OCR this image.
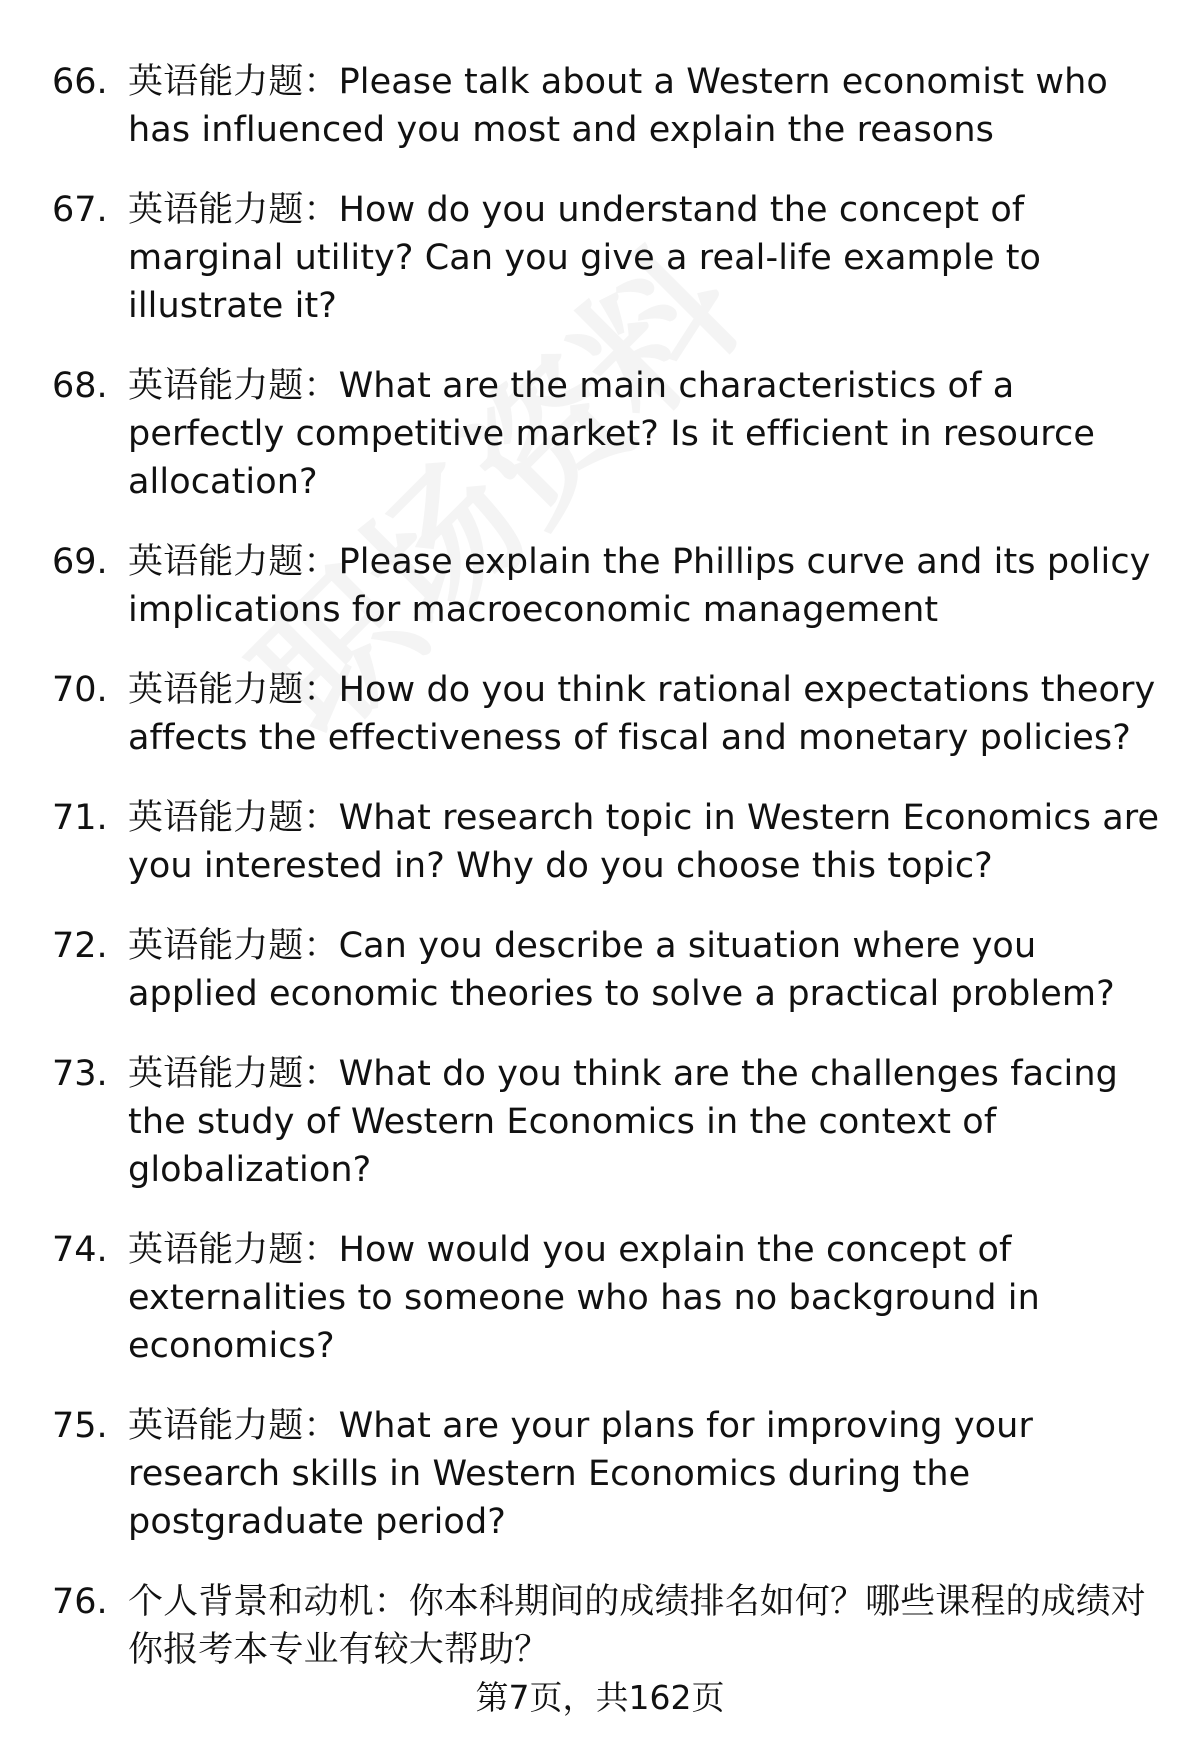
66. 英语能力题：Please talk about a Western economist who has influenced you most and explain the reasons
67. 英语能力题：How do you understand the concept of marginal utility? Can you give a real-life example to illustrate it?
68. 英语能力题：What are the main characteristics of a perfectly competitive market? Is it efficient in resource allocation?
69. 英语能力题：Please explain the Phillips curve and its policy implications for macroeconomic management
70. 英语能力题：How do you think rational expectations theory affects the effectiveness of fiscal and monetary policies?
71. 英语能力题：What research topic in Western Economics are you interested in? Why do you choose this topic?
72. 英语能力题：Can you describe a situation where you applied economic theories to solve a practical problem?
73. 英语能力题：What do you think are the challenges facing the study of Western Economics in the context of globalization?
74. 英语能力题：How would you explain the concept of externalities to someone who has no background in economics?
75. 英语能力题：What are your plans for improving your research skills in Western Economics during the postgraduate period?
76. 个人背景和动机：你本科期间的成绩排名如何？哪些课程的成绩对你报考本专业有较大帮助？
第7页，共162页
